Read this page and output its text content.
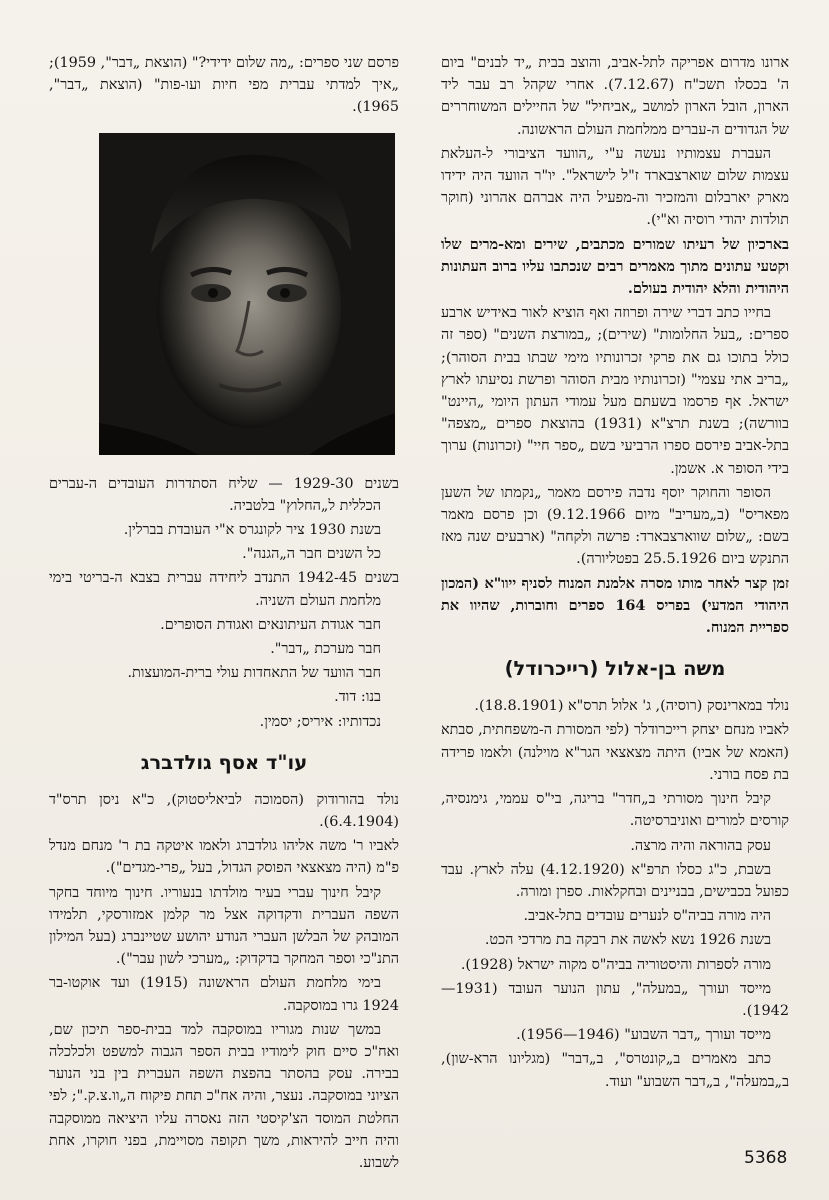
ארונו מדרום אפריקה לתל-אביב, והוצב בבית „יד לבנים" ביום ה' בכסלו תשכ"ח (7.12.67). אחרי שקהל רב עבר ליד הארון, הובל הארון למושב „אביחיל" של החיילים המשוחררים של הגדודים ה-עברים ממלחמת העולם הראשונה.

העברת עצמותיו נעשה ע"י „הוועד הציבורי ל-העלאת עצמות שלום שוארצבארד ז"ל לישראל". יו"ר הוועד היה ידידו מארק יארבלום והמזכיר וה-מפעיל היה אברהם אהרוני (חוקר תולדות יהודי רוסיה וא"י).

בארכיון של רעיתו שמורים מכתבים, שירים ומא-מרים שלו וקטעי עתונים מתוך מאמרים רבים שנכתבו עליו ברוב העתונות היהודית והלא יהודית בעולם.

בחייו כתב דברי שירה ופרוזה ואף הוציא לאור באידיש ארבע ספרים: „בעל החלומות" (שירים); „במורצת השנים" (ספר זה כולל בתוכו גם את פרקי זכרונותיו מימי שבתו בבית הסוהר); „בריב אתי עצמי" (זכרונותיו מבית הסוהר ופרשת נסיעתו לארץ ישראל. אף פרסמו בשעתם מעל עמודי העתון היומי „היינט" בוורשה); בשנת תרצ"א (1931) בהוצאת ספרים „מצפה" בתל-אביב פירסם ספרו הרביעי בשם „ספר חיי" (זכרונות) ערוך בידי הסופר א. אשמן.

הסופר והחוקר יוסף נדבה פירסם מאמר „נקמתו של השען מפאריס" (ב„מעריב" מיום 9.12.1966) וכן פרסם מאמר בשם: „שלום שווארצבארד: פרשה ולקחה" (ארבעים שנה מאז התנקש ביום 25.5.1926 בפטליורה).

זמן קצר לאחר מותו מסרה אלמנת המנוח לסניף ייוו"א (המכון היהודי המדעי) בפריס 164 ספרים וחוברות, שהיוו את ספריית המנוח.

משה בן-אלול (רייכרודל)

נולד במארינסק (רוסיה), ג' אלול תרס"א (18.8.1901).

לאביו מנחם יצחק רייכרודלר (לפי המסורת ה-משפחתית, סבתא (האמא של אביו) היתה מצאצאי הגר"א מוילנה) ולאמו פרידה בת פסח בורני.

קיבל חינוך מסורתי ב„חדר" בריגה, בי"ס עממי, גימנסיה, קורסים למורים ואוניברסיטה.

עסק בהוראה והיה מרצה.

בשבת, כ"ג כסלו תרפ"א (4.12.1920) עלה לארץ. עבד כפועל בכבישים, בבניינים ובחקלאות. ספרן ומורה.

היה מורה בביה"ס לנערים עובדים בתל-אביב.

בשנת 1926 נשא לאשה את רבקה בת מרדכי הכט.

מורה לספרות והיסטוריה בביה"ס מקוה ישראל (1928).

מייסד ועורך „במעלה", עתון הנוער העובד (1931—1942).

מייסד ועורך „דבר השבוע" (1946—1956).

כתב מאמרים ב„קונטרס", ב„דבר" (מגליונו הרא-שון), ב„במעלה", ב„דבר השבוע" ועוד.

פרסם שני ספרים: „מה שלום ידידי?" (הוצאת „דבר", 1959); „איך למדתי עברית מפי חיות ועו-פות" (הוצאת „דבר", 1965).

בשנים 1929-30 — שליח הסתדרות העובדים ה-עברים הכללית ל„החלוץ" בלטביה.

בשנת 1930 ציר לקונגרס א"י העובדת בברלין.

כל השנים חבר ה„הגנה".

בשנים 1942-45 התנדב ליחידה עברית בצבא ה-בריטי בימי מלחמת העולם השניה.

חבר אגודת העיתונאים ואגודת הסופרים.

חבר מערכת „דבר".

חבר הוועד של התאחדות עולי ברית-המועצות.

בנו: דוד.

נכדותיו: איריס; יסמין.

עו"ד אסף גולדברג

נולד בהורודוק (הסמוכה לביאליסטוק), כ"א ניסן תרס"ד (6.4.1904).

לאביו ר' משה אליהו גולדברג ולאמו איטקה בת ר' מנחם מנדל פ"מ (היה מצאצאי הפוסק הגדול, בעל „פרי-מגדים").

קיבל חינוך עברי בעיר מולדתו בנעוריו. חינוך מיוחד בחקר השפה העברית ודקדוקה אצל מר קלמן אמזורסקי, תלמידו המובהק של הבלשן העברי הנודע יהושע שטיינברג (בעל המילון התנ"כי וספר המחקר בדקדוק: „מערכי לשון עבר").

בימי מלחמת העולם הראשונה (1915) ועד אוקטו-בר 1924 גרו במוסקבה.

במשך שנות מגוריו במוסקבה למד בבית-ספר תיכון שם, ואח"כ סיים חוק לימודיו בבית הספר הגבוה למשפט ולכלכלה בבירה. עסק בהסתר בהפצת השפה העברית בין בני הנוער הציוני במוסקבה. נעצר, והיה אח"כ תחת פיקוח ה„וו.צ.ק."; לפי החלטת המוסד הצ'קיסטי הזה נאסרה עליו היציאה ממוסקבה והיה חייב להיראות, משך תקופה מסויימת, בפני חוקרו, אחת לשבוע.	5368
